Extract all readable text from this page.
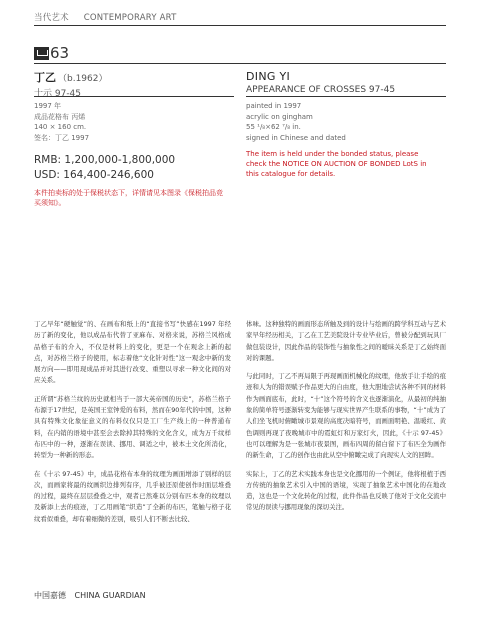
当代艺术 CONTEMPORARY ART
63
丁乙 （b.1962）
十示 97-45
DING YI
APPEARANCE OF CROSSES 97-45
1997 年
成品花格布 丙烯
140 × 160 cm.
签名：丁乙 1997
painted in 1997
acrylic on gingham
55 ¹/₈×62 ⁷/₈ in.
signed in Chinese and dated
RMB: 1,200,000-1,800,000
USD: 164,400-246,600
The item is held under the bonded status, please check the NOTICE ON AUCTION OF BONDED LotS in this catalogue for details.
本件拍卖标的处于保税状态下，详情请见本图录《保税拍品竞买须知》。

丁乙早年“硬触觉”的、在画布和纸上的“直接书写”快感在1997 年经历了新的变化，他以成品布代替了亚麻布、对格来说，苏格兰风格成品格子布的介入，不仅是材料上的变化，更是一个在观念上新的起点，对苏格兰格子的使用，标志着他“文化针对性”这一观念中新的发展方向——即用现成品并对其进行改变、重塑以寻求一种文化间的对应关系。

正所谓“苏格兰纹的历史就相当于一部大英帝国的历史”，苏格兰格子布源于17世纪，是英国王室钟爱的布料，然而在90年代的中国，这种具有特殊文化象征意义的布料仅仅只是工厂生产线上的一种普通布料，在内销的语境中甚至会去除掉其特殊的文化含义，成为万千纹样布匹中的一种，逐渐在误读、挪用、调适之中，被本土文化所消化，转型为一种新的形态。

在《十示 97-45》中，成品花格布本身的纹理为画面增添了别样的层次，而画家将最的纹画织边排列有序，几乎被还原使创作时面层堆叠的过程，最终在层层叠叠之中，观者已然难以分别布匹本身的纹理以及新添上去的痕迹，丁乙用画笔“织造”了全新的布匹，笔触与格子花纹看似重叠，却有着细微的差别，吸引人们不断去比较、

体味。这种独特的画面形态所触及到的设计与绘画的跨学科互动与艺术家早年经历相关，丁乙在工艺美院设计专业毕业后，曾被分配到玩具厂做包装设计，因此作品的装饰性与抽象性之间的暧昧关系是丁乙始终面对的课题。

与此同时，丁乙不再局限于再现画面机械化的纹理，他放手让手绘的痕迹和人为的错误赋予作品更大的自由度，他大胆地尝试各种不同的材料作为画面底布，此时，“十”这个符号的含义也逐渐演化，从最初的纯抽象的简单符号逐渐转变为能够与现实世界产生联系的事物，“十”成为了人们坐飞机时俯瞰城市景观的高度决暗符号，而画面明艳、温暖红、黄色调则再现了夜晚城市中的霓虹灯和万家灯火，因此，《十示 97-45》也可以理解为是一张城市夜景图，画布四周的留白留下了布匹全为画作的新生命，丁乙的创作也由此从空中俯瞰完成了向现实人文的回眸。

实际上，丁乙的艺术实践本身也是文化挪用的一个例证，他将根植于西方传统的抽象艺术引入中国的语境，实现了抽象艺术中国化的在地改造，这也是一个文化转化的过程，此件作品也反映了他对于文化交流中常见的误读与挪用现象的深切关注。

中国嘉德 CHINA GUARDIAN
